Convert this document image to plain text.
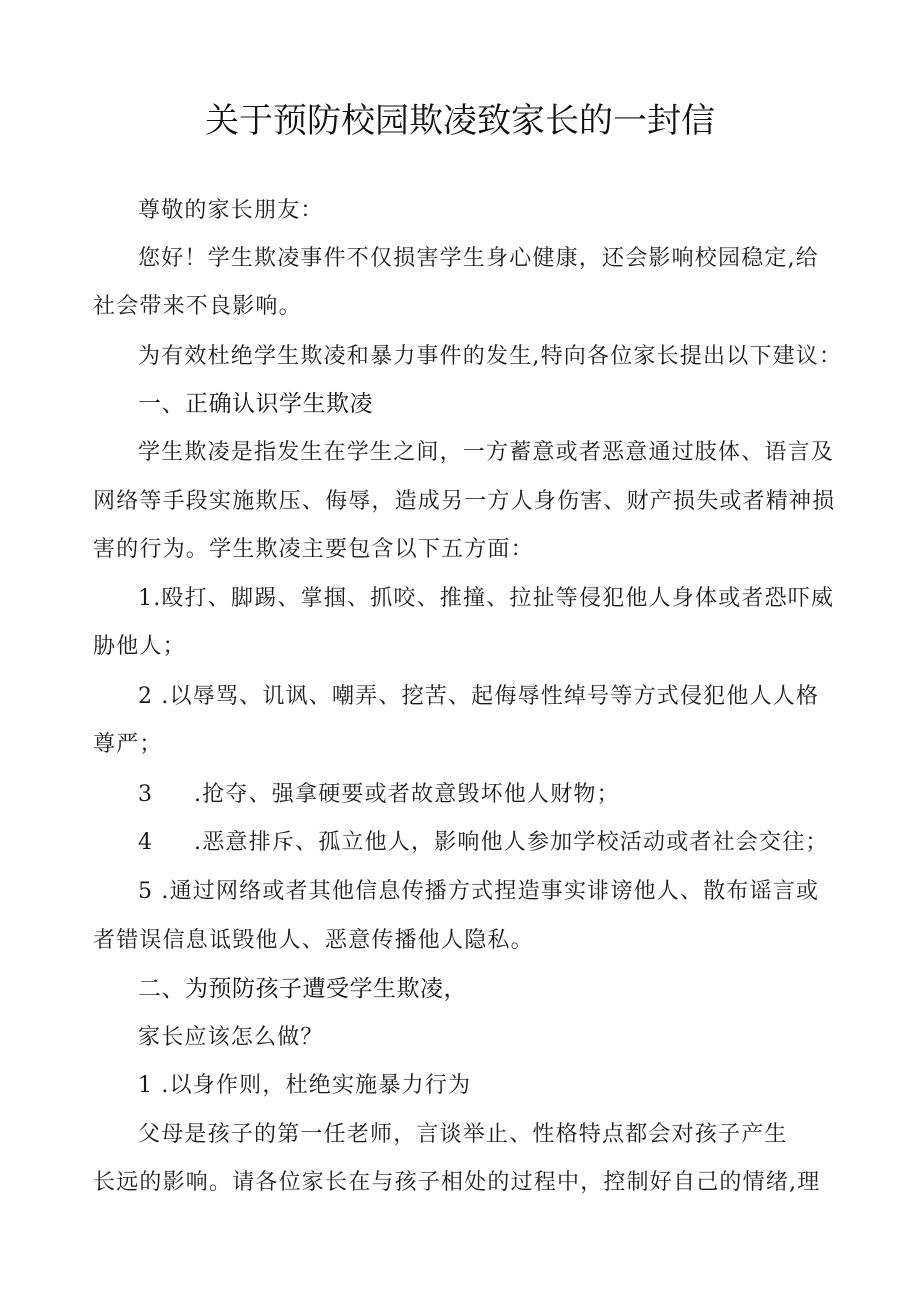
关于预防校园欺凌致家长的一封信
尊敬的家长朋友：
您好！学生欺凌事件不仅损害学生身心健康，还会影响校园稳定,给
社会带来不良影响。
为有效杜绝学生欺凌和暴力事件的发生,特向各位家长提出以下建议：
一、正确认识学生欺凌
学生欺凌是指发生在学生之间，一方蓄意或者恶意通过肢体、语言及
网络等手段实施欺压、侮辱，造成另一方人身伤害、财产损失或者精神损
害的行为。学生欺凌主要包含以下五方面：
1.殴打、脚踢、掌掴、抓咬、推撞、拉扯等侵犯他人身体或者恐吓威
胁他人；
2 .以辱骂、讥讽、嘲弄、挖苦、起侮辱性绰号等方式侵犯他人人格
尊严；
3 .抢夺、强拿硬要或者故意毁坏他人财物；
4 .恶意排斥、孤立他人，影响他人参加学校活动或者社会交往；
5 .通过网络或者其他信息传播方式捏造事实诽谤他人、散布谣言或
者错误信息诋毁他人、恶意传播他人隐私。
二、为预防孩子遭受学生欺凌，
家长应该怎么做？
1 .以身作则，杜绝实施暴力行为
父母是孩子的第一任老师，言谈举止、性格特点都会对孩子产生
长远的影响。请各位家长在与孩子相处的过程中，控制好自己的情绪,理
